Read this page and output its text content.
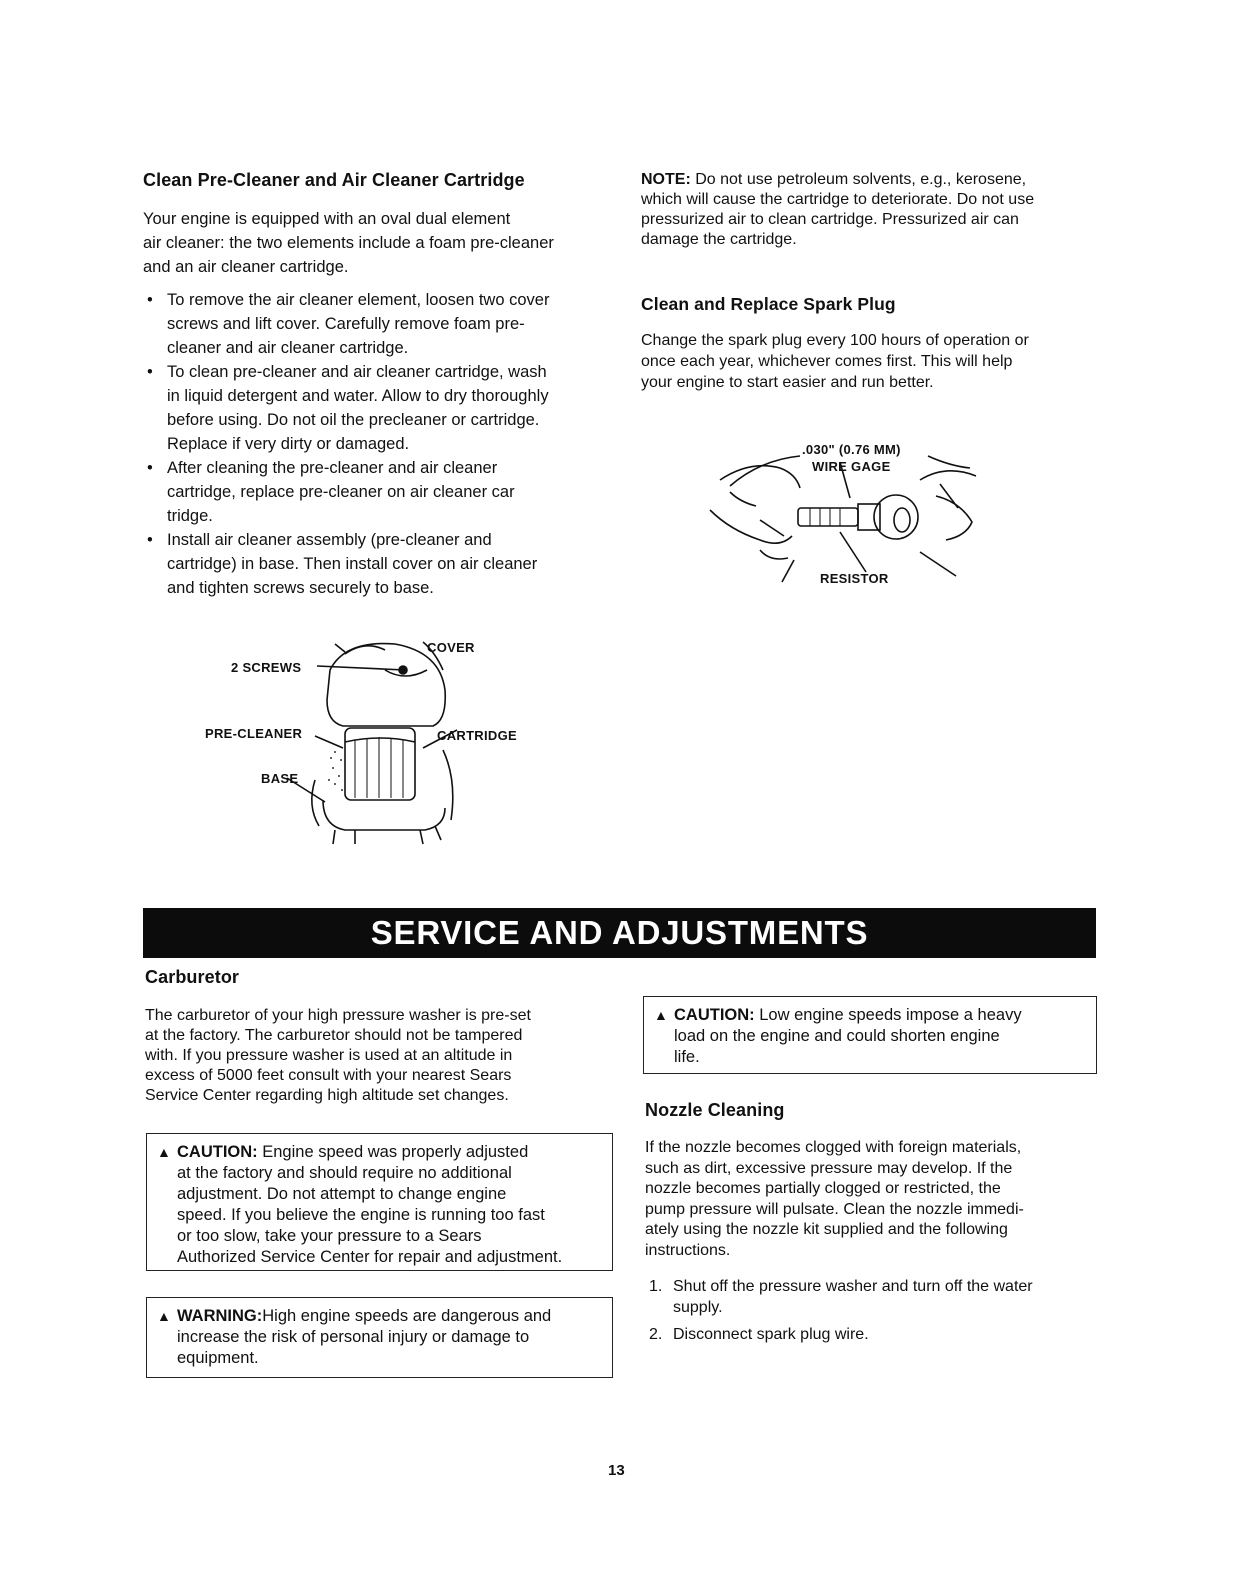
Clean Pre-Cleaner and Air Cleaner Cartridge

Your engine is equipped with an oval dual element

air cleaner: the two elements include a foam pre-cleaner

and an air cleaner cartridge.

• To remove the air cleaner element, loosen two cover
screws and lift cover. Carefully remove foam pre-
cleaner and air cleaner cartridge.
• To clean pre-cleaner and air cleaner cartridge, wash
in liquid detergent and water. Allow to dry thoroughly
before using. Do not oil the precleaner or cartridge.
Replace if very dirty or damaged.
• After cleaning the pre-cleaner and air cleaner
cartridge, replace pre-cleaner on air cleaner car
tridge.
• Install air cleaner assembly (pre-cleaner and
cartridge) in base. Then install cover on air cleaner
and tighten screws securely to base.
2 SCREWS
COVER
PRE-CLEANER	CARTRIDGE
BASE

NOTE: Do not use petroleum solvents, e.g., kerosene,

which will cause the cartridge to deteriorate. Do not use

pressurized air to clean cartridge. Pressurized air can

damage the cartridge.

Clean and Replace Spark Plug

Change the spark plug every 100 hours of operation or

once each year, whichever comes first. This will help

your engine to start easier and run better.

.030" (0.76 MM)
WIRE GAGE
RESISTOR
SERVICE AND ADJUSTMENTS
Carburetor

The carburetor of your high pressure washer is pre-set

at the factory. The carburetor should not be tampered

with. If you pressure washer is used at an altitude in

excess of 5000 feet consult with your nearest Sears

Service Center regarding high altitude set changes.

▲ CAUTION: Engine speed was properly adjusted
at the factory and should require no additional
adjustment. Do not attempt to change engine
speed. If you believe the engine is running too fast
or too slow, take your pressure to a Sears
Authorized Service Center for repair and adjustment.
▲ WARNING:High engine speeds are dangerous and
increase the risk of personal injury or damage to
equipment.
▲ CAUTION: Low engine speeds impose a heavy
load on the engine and could shorten engine
life.
Nozzle Cleaning

If the nozzle becomes clogged with foreign materials,

such as dirt, excessive pressure may develop. If the

nozzle becomes partially clogged or restricted, the

pump pressure will pulsate. Clean the nozzle immedi-

ately using the nozzle kit supplied and the following

instructions.

1. Shut off the pressure washer and turn off the water
supply.
2. Disconnect spark plug wire.
13
